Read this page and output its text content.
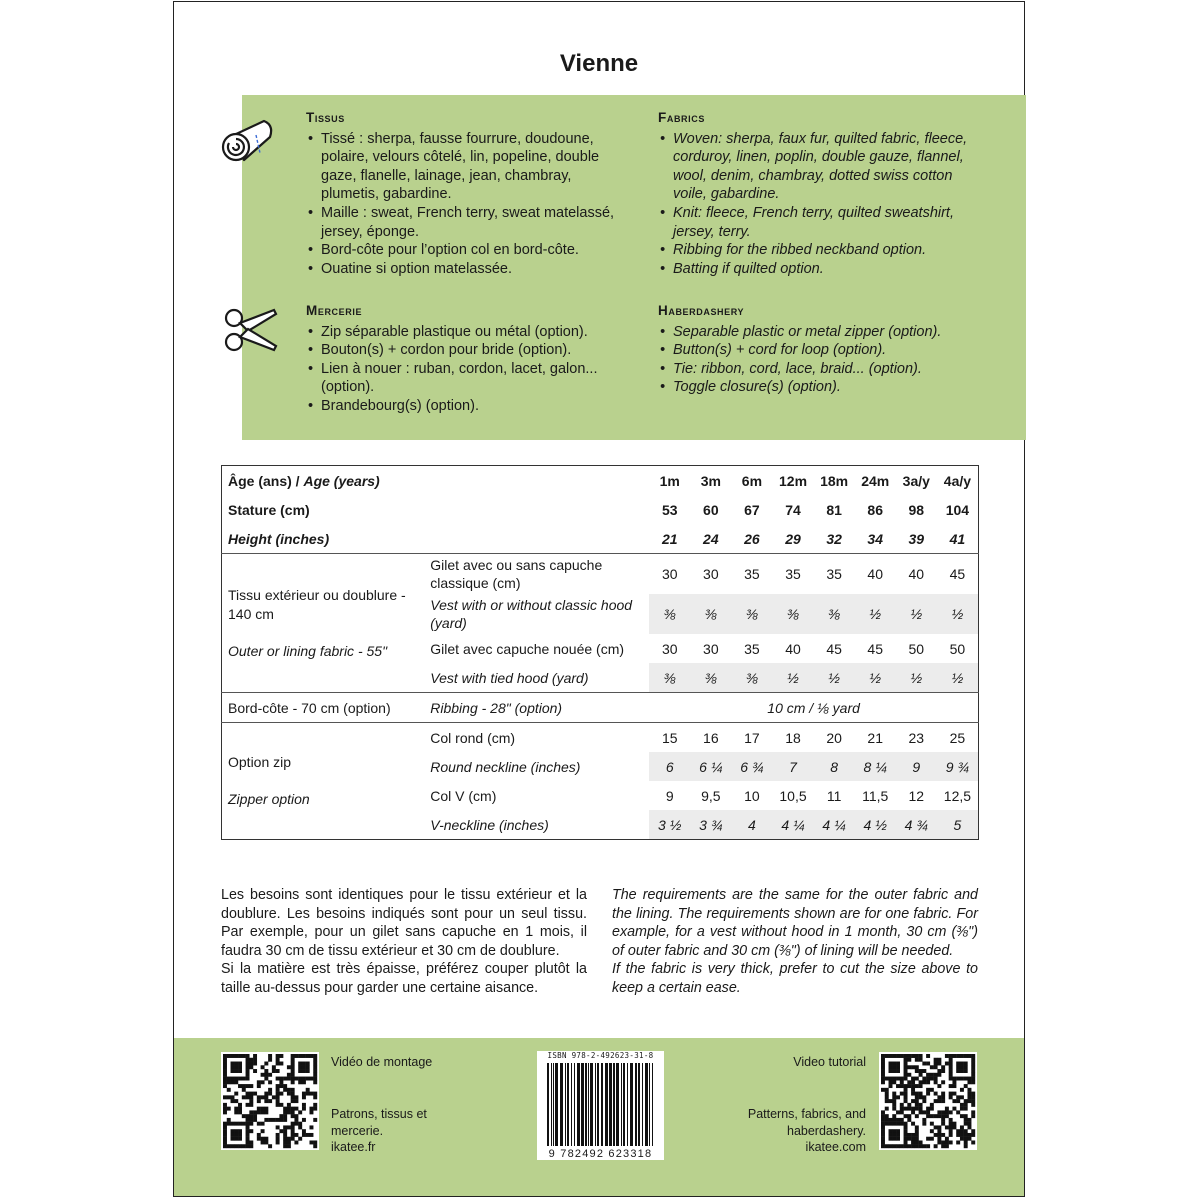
Vienne
Tissus
• Tissé : sherpa, fausse fourrure, doudoune, polaire, velours côtelé, lin, popeline, double gaze, flanelle, lainage, jean, chambray, plumetis, gabardine.
• Maille : sweat, French terry, sweat matelassé, jersey, éponge.
• Bord-côte pour l’option col en bord-côte.
• Ouatine si option matelassée.
Fabrics
• Woven: sherpa, faux fur, quilted fabric, fleece, corduroy, linen, poplin, double gauze, flannel, wool, denim, chambray, dotted swiss cotton voile, gabardine.
• Knit: fleece, French terry, quilted sweatshirt, jersey, terry.
• Ribbing for the ribbed neckband option.
• Batting if quilted option.
Mercerie
• Zip séparable plastique ou métal (option).
• Bouton(s) + cordon pour bride (option).
• Lien à nouer : ruban, cordon, lacet, galon... (option).
• Brandebourg(s) (option).
Haberdashery
• Separable plastic or metal zipper (option).
• Button(s) + cord for loop (option).
• Tie: ribbon, cord, lace, braid... (option).
• Toggle closure(s) (option).
Âge (ans) / Age (years)		1m	3m	6m	12m	18m	24m	3a/y	4a/y
Stature (cm)		53	60	67	74	81	86	98	104
Height (inches)		21	24	26	29	32	34	39	41

Tissu extérieur ou doublure - 140 cm
Outer or lining fabric - 55"	Gilet avec ou sans capuche classique (cm)	30	30	35	35	35	40	40	45
	Vest with or without classic hood (yard)	⅜	⅜	⅜	⅜	⅜	½	½	½
	Gilet avec capuche nouée (cm)	30	30	35	40	45	45	50	50
	Vest with tied hood (yard)	⅜	⅜	⅜	½	½	½	½	½
Bord-côte - 70 cm (option)	Ribbing - 28" (option)	10 cm / ⅛ yard							

Option zip
Zipper option	Col rond (cm)	15	16	17	18	20	21	23	25
	Round neckline (inches)	6	6 ¼	6 ¾	7	8	8 ¼	9	9 ¾
	Col V (cm)	9	9,5	10	10,5	11	11,5	12	12,5
	V-neckline (inches)	3 ½	3 ¾	4	4 ¼	4 ¼	4 ½	4 ¾	5

Les besoins sont identiques pour le tissu extérieur et la doublure. Les besoins indiqués sont pour un seul tissu. Par exemple, pour un gilet sans capuche en 1 mois, il faudra 30 cm de tissu extérieur et 30 cm de doublure.

Si la matière est très épaisse, préférez couper plutôt la taille au-dessus pour garder une certaine aisance.

The requirements are the same for the outer fabric and the lining. The requirements shown are for one fabric. For example, for a vest without hood in 1 month, 30 cm (⅜") of outer fabric and 30 cm (⅜") of lining will be needed.

If the fabric is very thick, prefer to cut the size above to keep a certain ease.

Vidéo de montage
Patrons, tissus et
mercerie.
ikatee.fr
ISBN 978-2-492623-31-8
9 782492 623318
Video tutorial
Patterns, fabrics, and
haberdashery.
ikatee.com
